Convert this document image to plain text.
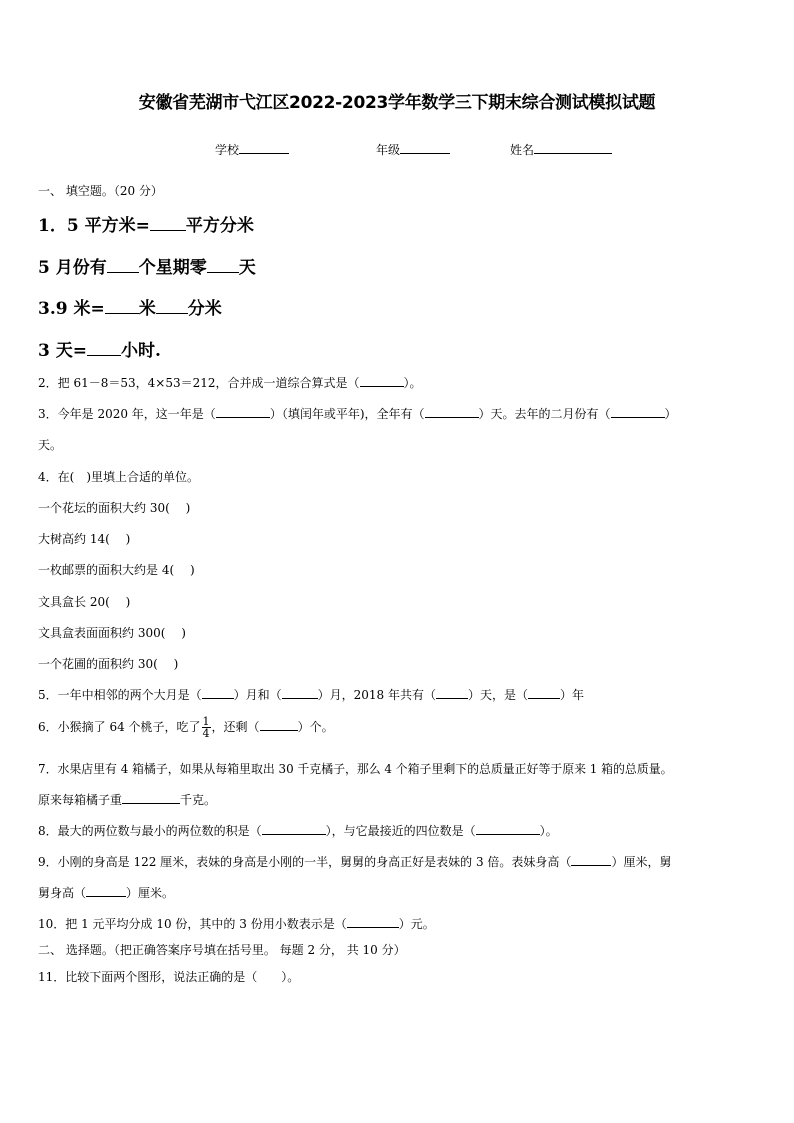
安徽省芜湖市弋江区2022-2023学年数学三下期末综合测试模拟试题
学校	年级	姓名
一、 填空题。（20 分）
1．5 平方米= 平方分米
5 月份有 个星期零 天
3.9 米= 米 分米
3 天= 小时.
2．把 61－8＝53，4×53＝212，合并成一道综合算式是（	）。
3．今年是 2020 年，这一年是（	）（填闰年或平年)，全年有（	）天。去年的二月份有（	）
天。
4．在(　)里填上合适的单位。
一个花坛的面积大约 30(　 )
大树高约 14(　 )
一枚邮票的面积大约是 4(　 )
文具盒长 20(　 )
文具盒表面面积约 300(　 )
一个花圃的面积约 30(　 )
5．一年中相邻的两个大月是（	）月和（	）月，2018 年共有（	）天，是（	）年
6．小猴摘了 64 个桃子，吃了 $\frac{1}{4}$ ，还剩（	）个。
7．水果店里有 4 箱橘子，如果从每箱里取出 30 千克橘子，那么 4 个箱子里剩下的总质量正好等于原来 1 箱的总质量。
原来每箱橘子重	千克。
8．最大的两位数与最小的两位数的积是（	），与它最接近的四位数是（	）。
9．小刚的身高是 122 厘米，表妹的身高是小刚的一半，舅舅的身高正好是表妹的 3 倍。表妹身高（	）厘米，舅
舅身高（	）厘米。
10．把 1 元平均分成 10 份，其中的 3 份用小数表示是（	）元。
二、 选择题。（把正确答案序号填在括号里。 每题 2 分， 共 10 分）
11．比较下面两个图形，说法正确的是（　　）。
